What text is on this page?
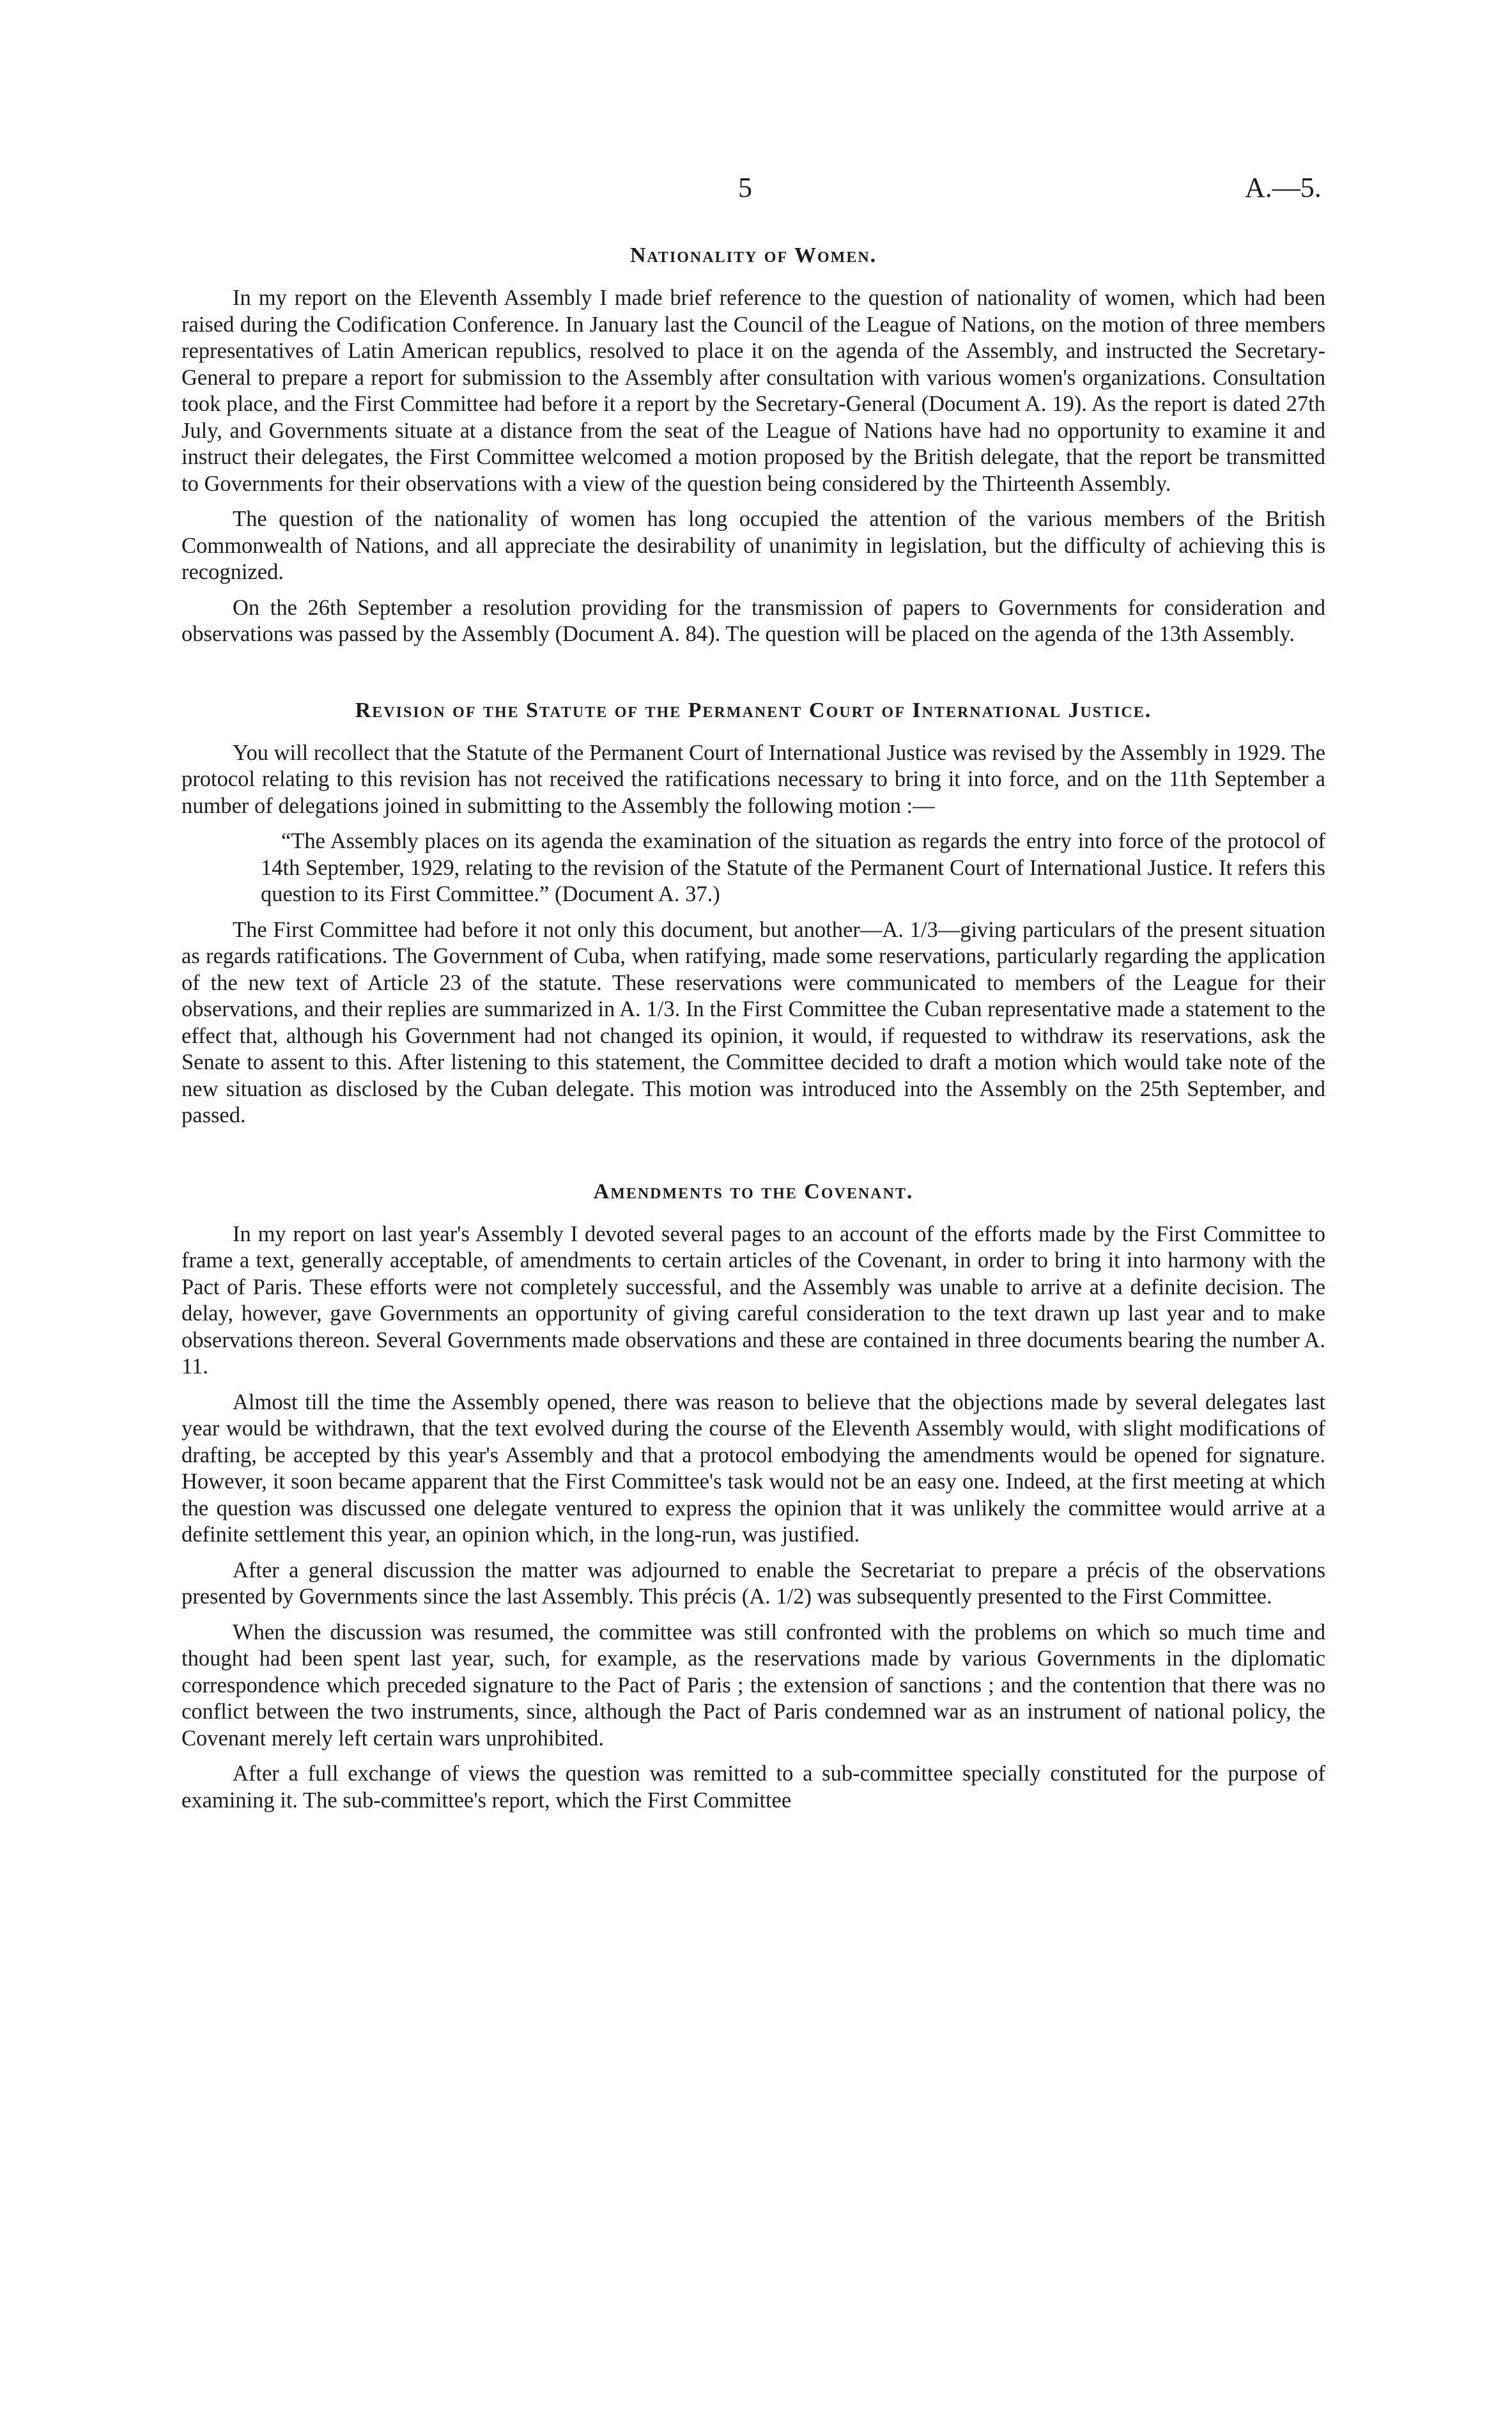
5	A.—5.
Nationality of Women.

In my report on the Eleventh Assembly I made brief reference to the question of nationality of women, which had been raised during the Codification Conference. In January last the Council of the League of Nations, on the motion of three members representatives of Latin American republics, resolved to place it on the agenda of the Assembly, and instructed the Secretary-General to prepare a report for submission to the Assembly after consultation with various women's organizations. Consultation took place, and the First Committee had before it a report by the Secretary-General (Document A. 19). As the report is dated 27th July, and Governments situate at a distance from the seat of the League of Nations have had no opportunity to examine it and instruct their delegates, the First Committee welcomed a motion proposed by the British delegate, that the report be transmitted to Governments for their observations with a view of the question being considered by the Thirteenth Assembly.

The question of the nationality of women has long occupied the attention of the various members of the British Commonwealth of Nations, and all appreciate the desirability of unanimity in legislation, but the difficulty of achieving this is recognized.

On the 26th September a resolution providing for the transmission of papers to Governments for consideration and observations was passed by the Assembly (Document A. 84). The question will be placed on the agenda of the 13th Assembly.

Revision of the Statute of the Permanent Court of International Justice.

You will recollect that the Statute of the Permanent Court of International Justice was revised by the Assembly in 1929. The protocol relating to this revision has not received the ratifications necessary to bring it into force, and on the 11th September a number of delegations joined in submitting to the Assembly the following motion :—

“The Assembly places on its agenda the examination of the situation as regards the entry into force of the protocol of 14th September, 1929, relating to the revision of the Statute of the Permanent Court of International Justice. It refers this question to its First Committee.” (Document A. 37.)

The First Committee had before it not only this document, but another—A. 1/3—giving particulars of the present situation as regards ratifications. The Government of Cuba, when ratifying, made some reservations, particularly regarding the application of the new text of Article 23 of the statute. These reservations were communicated to members of the League for their observations, and their replies are summarized in A. 1/3. In the First Committee the Cuban representative made a statement to the effect that, although his Government had not changed its opinion, it would, if requested to withdraw its reservations, ask the Senate to assent to this. After listening to this statement, the Committee decided to draft a motion which would take note of the new situation as disclosed by the Cuban delegate. This motion was introduced into the Assembly on the 25th September, and passed.

Amendments to the Covenant.

In my report on last year's Assembly I devoted several pages to an account of the efforts made by the First Committee to frame a text, generally acceptable, of amendments to certain articles of the Covenant, in order to bring it into harmony with the Pact of Paris. These efforts were not completely successful, and the Assembly was unable to arrive at a definite decision. The delay, however, gave Governments an opportunity of giving careful consideration to the text drawn up last year and to make observations thereon. Several Governments made observations and these are contained in three documents bearing the number A. 11.

Almost till the time the Assembly opened, there was reason to believe that the objections made by several delegates last year would be withdrawn, that the text evolved during the course of the Eleventh Assembly would, with slight modifications of drafting, be accepted by this year's Assembly and that a protocol embodying the amendments would be opened for signature. However, it soon became apparent that the First Committee's task would not be an easy one. Indeed, at the first meeting at which the question was discussed one delegate ventured to express the opinion that it was unlikely the committee would arrive at a definite settlement this year, an opinion which, in the long-run, was justified.

After a general discussion the matter was adjourned to enable the Secretariat to prepare a précis of the observations presented by Governments since the last Assembly. This précis (A. 1/2) was subsequently presented to the First Committee.

When the discussion was resumed, the committee was still confronted with the problems on which so much time and thought had been spent last year, such, for example, as the reservations made by various Governments in the diplomatic correspondence which preceded signature to the Pact of Paris ; the extension of sanctions ; and the contention that there was no conflict between the two instruments, since, although the Pact of Paris condemned war as an instrument of national policy, the Covenant merely left certain wars unprohibited.

After a full exchange of views the question was remitted to a sub-committee specially constituted for the purpose of examining it. The sub-committee's report, which the First Committee
